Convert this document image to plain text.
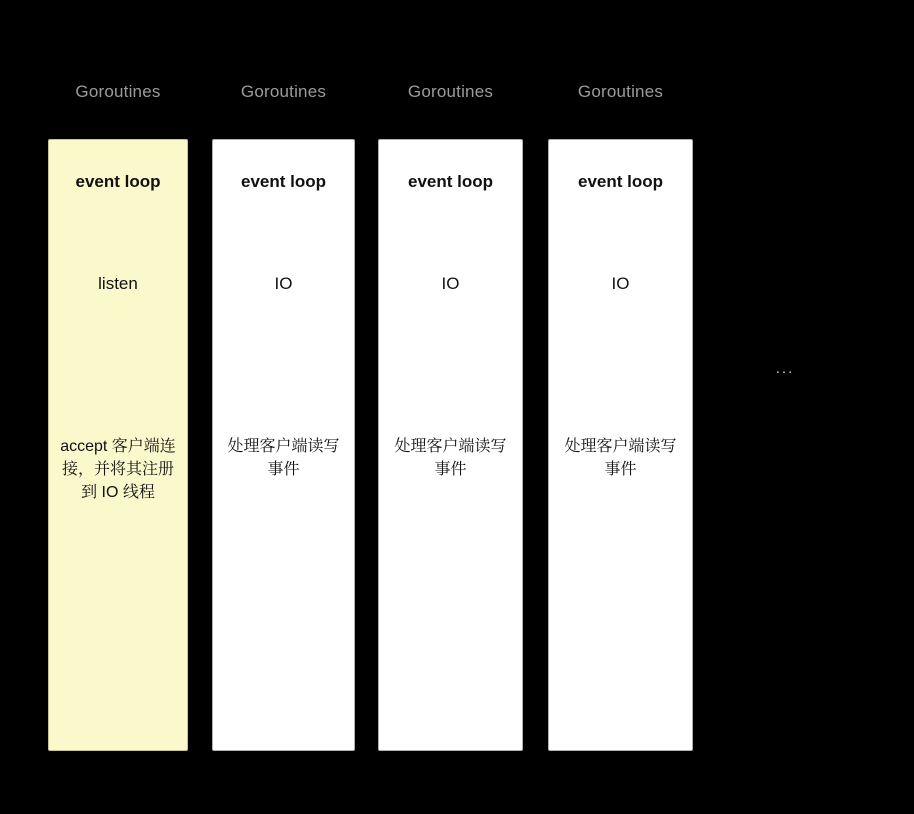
Goroutines
event loop
listen
accept 客户端连接，并将其注册到 IO 线程
Goroutines
event loop
IO
处理客户端读写事件
Goroutines
event loop
IO
处理客户端读写事件
Goroutines
event loop
IO
处理客户端读写事件
...
